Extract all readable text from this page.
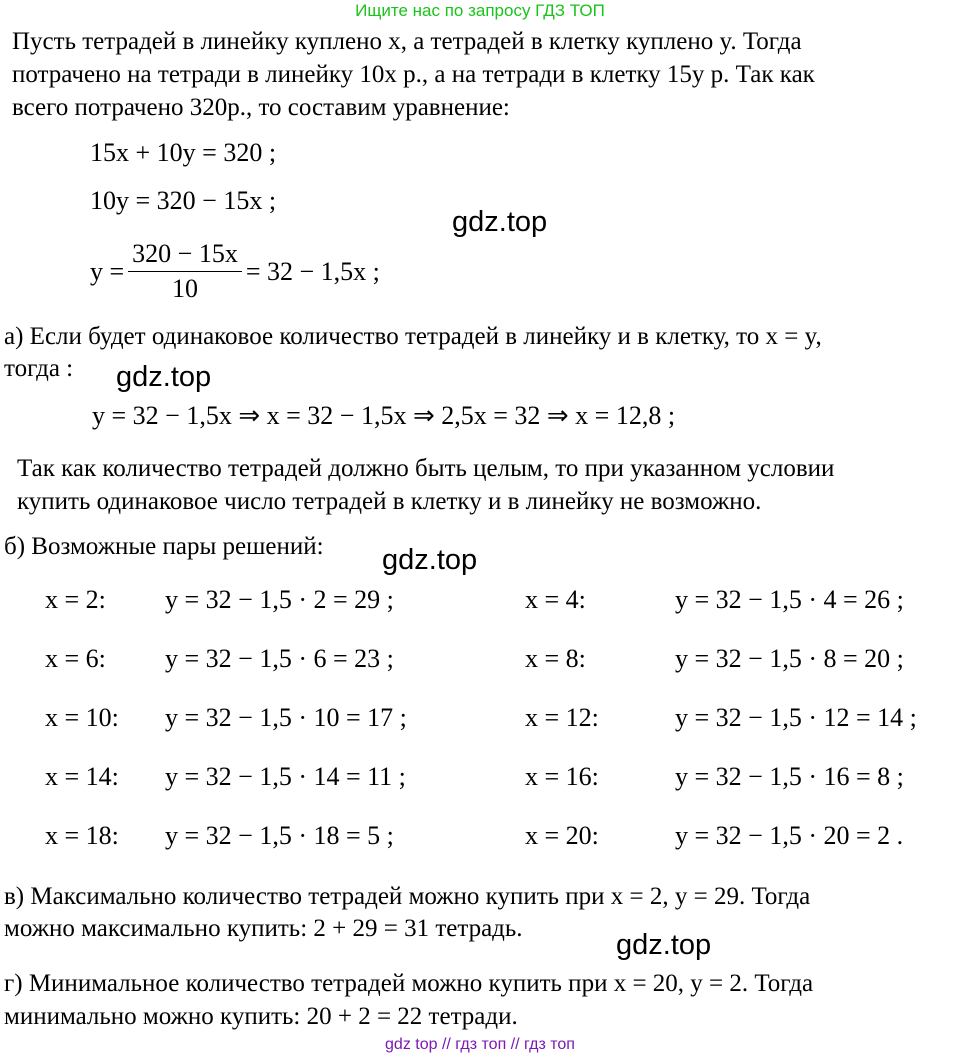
Ищите нас по запросу ГДЗ ТОП
Пусть тетрадей в линейку куплено x, а тетрадей в клетку куплено y. Тогда
потрачено на тетради в линейку 10x р., а на тетради в клетку 15y р. Так как
всего потрачено 320р., то составим уравнение:
15x + 10y = 320 ;
10y = 320 − 15x ;
$y = \frac{320 - 15x}{10} = 32 - 1,5x$ ;
gdz.top
а) Если будет одинаковое количество тетрадей в линейку и в клетку, то x = y,
тогда : gdz.top
y = 32 − 1,5x ⇒ x = 32 − 1,5x ⇒ 2,5x = 32 ⇒ x = 12,8 ;
Так как количество тетрадей должно быть целым, то при указанном условии
купить одинаковое число тетрадей в клетку и в линейку не возможно.
б) Возможные пары решений: gdz.top
x = 2: y = 32 − 1,5 · 2 = 29 ;	x = 4:	y = 32 − 1,5 · 4 = 26 ;
x = 6: y = 32 − 1,5 · 6 = 23 ;	x = 8:	y = 32 − 1,5 · 8 = 20 ;
x = 10: y = 32 − 1,5 · 10 = 17 ;	x = 12:	y = 32 − 1,5 · 12 = 14 ;
x = 14: y = 32 − 1,5 · 14 = 11 ;	x = 16:	y = 32 − 1,5 · 16 = 8 ;
x = 18: y = 32 − 1,5 · 18 = 5 ;	x = 20:	y = 32 − 1,5 · 20 = 2 .
в) Максимально количество тетрадей можно купить при x = 2, y = 29. Тогда
можно максимально купить: 2 + 29 = 31 тетрадь.
gdz.top
г) Минимальное количество тетрадей можно купить при x = 20, y = 2. Тогда
минимально можно купить: 20 + 2 = 22 тетради.
gdz top // гдз топ // гдз топ
